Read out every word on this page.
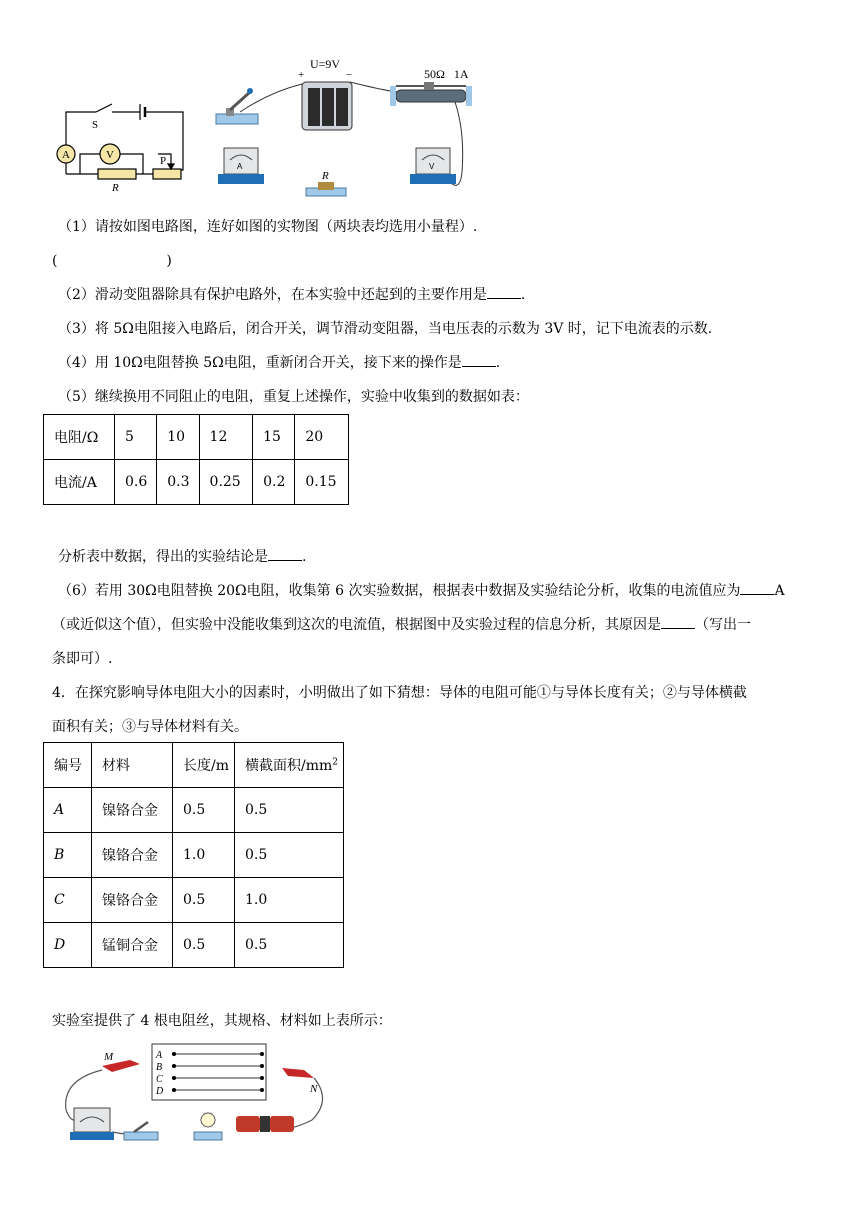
A	V
S
P
R
+	−
U=9V
50Ω   1A
A
R
V
（1）请按如图电路图，连好如图的实物图（两块表均选用小量程）.
(	)
（2）滑动变阻器除具有保护电路外，在本实验中还起到的主要作用是 .
（3）将 5Ω电阻接入电路后，闭合开关，调节滑动变阻器，当电压表的示数为 3V 时，记下电流表的示数.
（4）用 10Ω电阻替换 5Ω电阻，重新闭合开关，接下来的操作是 .
（5）继续换用不同阻止的电阻，重复上述操作，实验中收集到的数据如表：
电阻/Ω	5	10	12	15	20
电流/A	0.6	0.3	0.25	0.2	0.15
分析表中数据，得出的实验结论是 .
（6）若用 30Ω电阻替换 20Ω电阻，收集第 6 次实验数据，根据表中数据及实验结论分析，收集的电流值应为 A
（或近似这个值），但实验中没能收集到这次的电流值，根据图中及实验过程的信息分析，其原因是 （写出一
条即可）.
4．在探究影响导体电阻大小的因素时，小明做出了如下猜想：导体的电阻可能①与导体长度有关；②与导体横截
面积有关；③与导体材料有关。
编号	材料	长度/m	横截面积$/mm^2$
A	镍铬合金	0.5	0.5
B	镍铬合金	1.0	0.5
C	镍铬合金	0.5	1.0
D	锰铜合金	0.5	0.5
实验室提供了 4 根电阻丝，其规格、材料如上表所示：
A
B
C
D
M
N
